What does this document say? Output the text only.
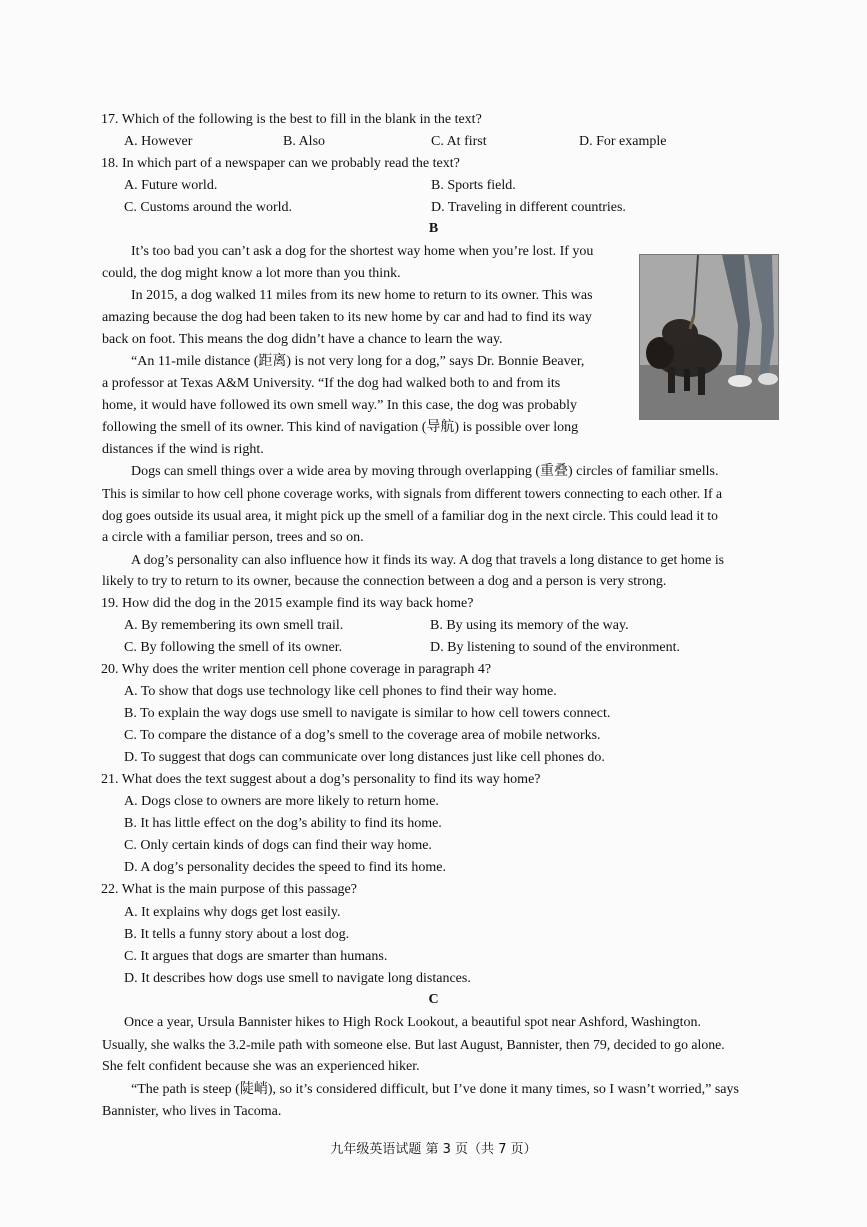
17. Which of the following is the best to fill in the blank in the text?
A. However	B. Also	C. At first	D. For example
18. In which part of a newspaper can we probably read the text?
A. Future world.	B. Sports field.
C. Customs around the world.	D. Traveling in different countries.
B
It’s too bad you can’t ask a dog for the shortest way home when you’re lost. If you
could, the dog might know a lot more than you think.
In 2015, a dog walked 11 miles from its new home to return to its owner. This was
amazing because the dog had been taken to its new home by car and had to find its way
back on foot. This means the dog didn’t have a chance to learn the way.
“An 11-mile distance (距离) is not very long for a dog,” says Dr. Bonnie Beaver,
a professor at Texas A&M University. “If the dog had walked both to and from its
home, it would have followed its own smell way.” In this case, the dog was probably
following the smell of its owner. This kind of navigation (导航) is possible over long
distances if the wind is right.
Dogs can smell things over a wide area by moving through overlapping (重叠) circles of familiar smells.
This is similar to how cell phone coverage works, with signals from different towers connecting to each other. If a
dog goes outside its usual area, it might pick up the smell of a familiar dog in the next circle. This could lead it to
a circle with a familiar person, trees and so on.
A dog’s personality can also influence how it finds its way. A dog that travels a long distance to get home is
likely to try to return to its owner, because the connection between a dog and a person is very strong.
19. How did the dog in the 2015 example find its way back home?
A. By remembering its own smell trail.	B. By using its memory of the way.
C. By following the smell of its owner.	D. By listening to sound of the environment.
20. Why does the writer mention cell phone coverage in paragraph 4?
A. To show that dogs use technology like cell phones to find their way home.
B. To explain the way dogs use smell to navigate is similar to how cell towers connect.
C. To compare the distance of a dog’s smell to the coverage area of mobile networks.
D. To suggest that dogs can communicate over long distances just like cell phones do.
21. What does the text suggest about a dog’s personality to find its way home?
A. Dogs close to owners are more likely to return home.
B. It has little effect on the dog’s ability to find its home.
C. Only certain kinds of dogs can find their way home.
D. A dog’s personality decides the speed to find its home.
22. What is the main purpose of this passage?
A. It explains why dogs get lost easily.
B. It tells a funny story about a lost dog.
C. It argues that dogs are smarter than humans.
D. It describes how dogs use smell to navigate long distances.
C
Once a year, Ursula Bannister hikes to High Rock Lookout, a beautiful spot near Ashford, Washington.
Usually, she walks the 3.2-mile path with someone else. But last August, Bannister, then 79, decided to go alone.
She felt confident because she was an experienced hiker.
“The path is steep (陡峭), so it’s considered difficult, but I’ve done it many times, so I wasn’t worried,” says
Bannister, who lives in Tacoma.
九年级英语试题 第 3 页（共 7 页）
